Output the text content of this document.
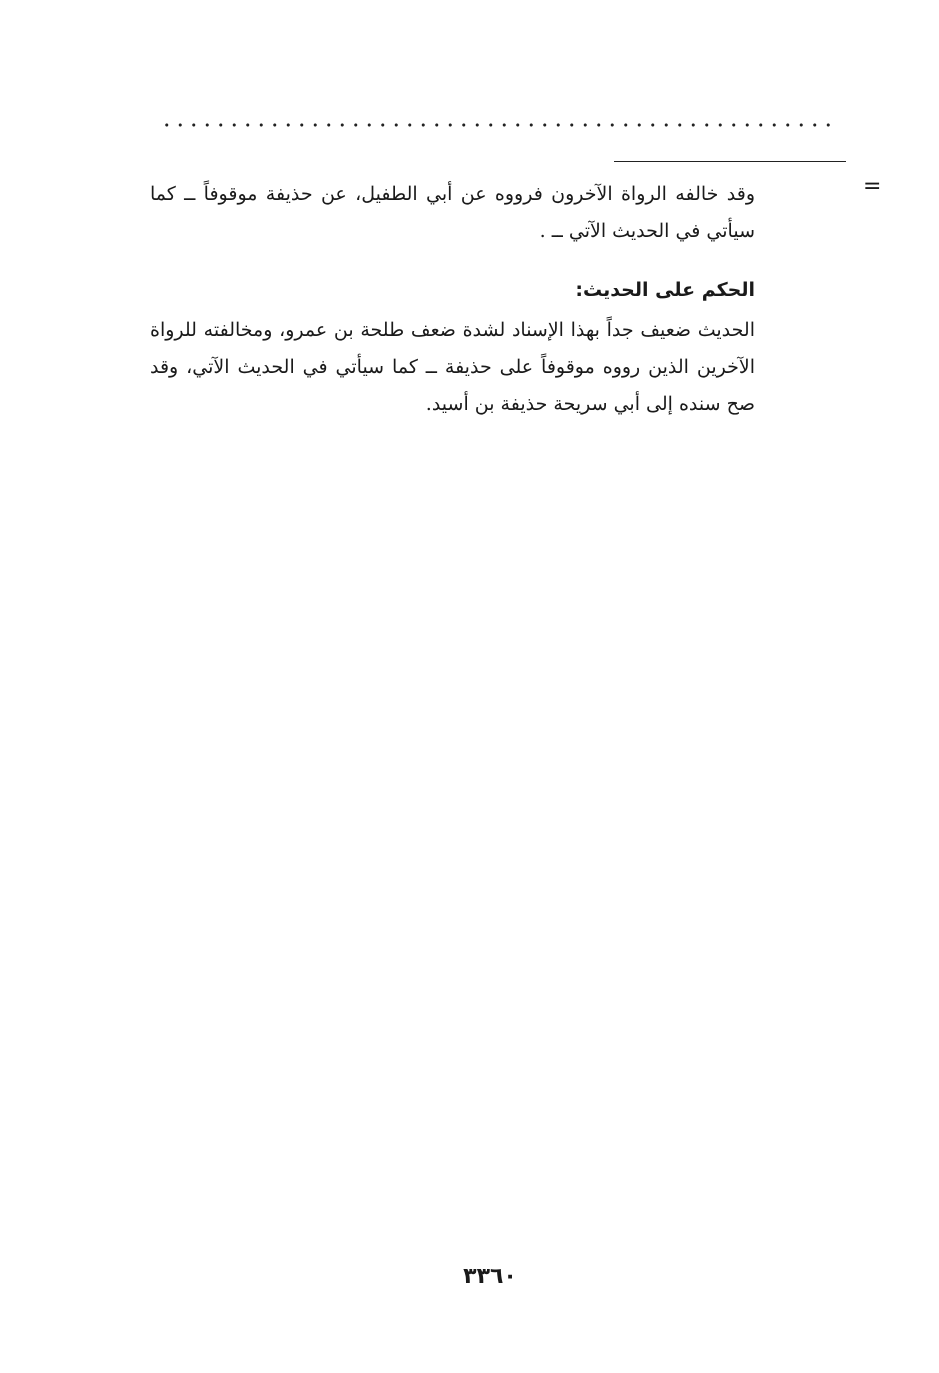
=

وقد خالفه الرواة الآخرون فرووه عن أبي الطفيل، عن حذيفة موقوفاً ــ كما سيأتي في الحديث الآتي ــ .

الحكم على الحديث:

الحديث ضعيف جداً بهذا الإسناد لشدة ضعف طلحة بن عمرو، ومخالفته للرواة الآخرين الذين رووه موقوفاً على حذيفة ــ كما سيأتي في الحديث الآتي، وقد صح سنده إلى أبي سريحة حذيفة بن أسيد.

٣٣٦٠
